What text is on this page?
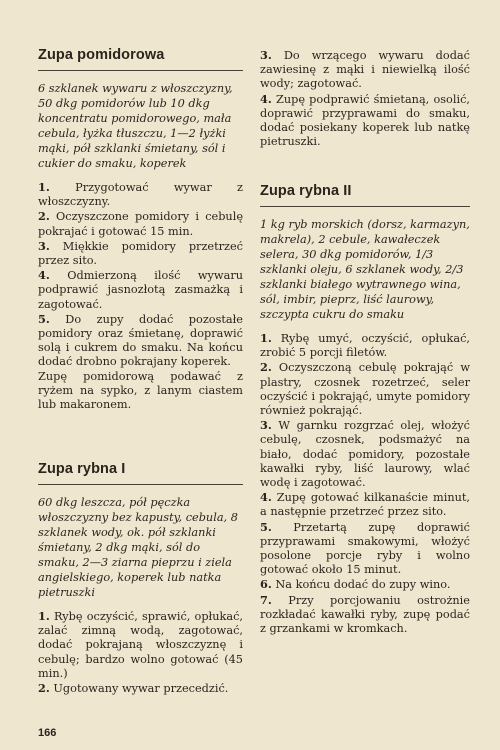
Zupa pomidorowa

6 szklanek wywaru z włoszczyzny, 50 dkg pomidorów lub 10 dkg koncentratu pomidorowego, mała cebula, łyżka tłuszczu, 1—2 łyżki mąki, pół szklanki śmietany, sól i cukier do smaku, koperek

1. Przygotować wywar z włoszczyzny.
2. Oczyszczone pomidory i cebulę pokrajać i gotować 15 min.
3. Miękkie pomidory przetrzeć przez sito.
4. Odmierzoną ilość wywaru podprawić jasnozłotą zasmażką i zagotować.
5. Do zupy dodać pozostałe pomidory oraz śmietanę, doprawić solą i cukrem do smaku. Na końcu dodać drobno pokrajany koperek.
Zupę pomidorową podawać z ryżem na sypko, z lanym ciastem lub makaronem.
Zupa rybna I

60 dkg leszcza, pół pęczka włoszczyzny bez kapusty, cebula, 8 szklanek wody, ok. pół szklanki śmietany, 2 dkg mąki, sól do smaku, 2—3 ziarna pieprzu i ziela angielskiego, koperek lub natka pietruszki

1. Rybę oczyścić, sprawić, opłukać, zalać zimną wodą, zagotować, dodać pokrajaną włoszczyznę i cebulę; bardzo wolno gotować (45 min.)
2. Ugotowany wywar przecedzić.
3. Do wrzącego wywaru dodać zawiesinę z mąki i niewielką ilość wody; zagotować.
4. Zupę podprawić śmietaną, osolić, doprawić przyprawami do smaku, dodać posiekany koperek lub natkę pietruszki.
Zupa rybna II

1 kg ryb morskich (dorsz, karmazyn, makrela), 2 cebule, kawałeczek selera, 30 dkg pomidorów, 1/3 szklanki oleju, 6 szklanek wody, 2/3 szklanki białego wytrawnego wina, sól, imbir, pieprz, liść laurowy, szczypta cukru do smaku

1. Rybę umyć, oczyścić, opłukać, zrobić 5 porcji filetów.
2. Oczyszczoną cebulę pokrająć w plastry, czosnek rozetrzeć, seler oczyścić i pokrająć, umyte pomidory również pokrająć.
3. W garnku rozgrzać olej, włożyć cebulę, czosnek, podsmażyć na biało, dodać pomidory, pozostałe kawałki ryby, liść laurowy, wlać wodę i zagotować.
4. Zupę gotować kilkanaście minut, a następnie przetrzeć przez sito.
5. Przetartą zupę doprawić przyprawami smakowymi, włożyć posolone porcje ryby i wolno gotować około 15 minut.
6. Na końcu dodać do zupy wino.
7. Przy porcjowaniu ostrożnie rozkładać kawałki ryby, zupę podać z grzankami w kromkach.
166
